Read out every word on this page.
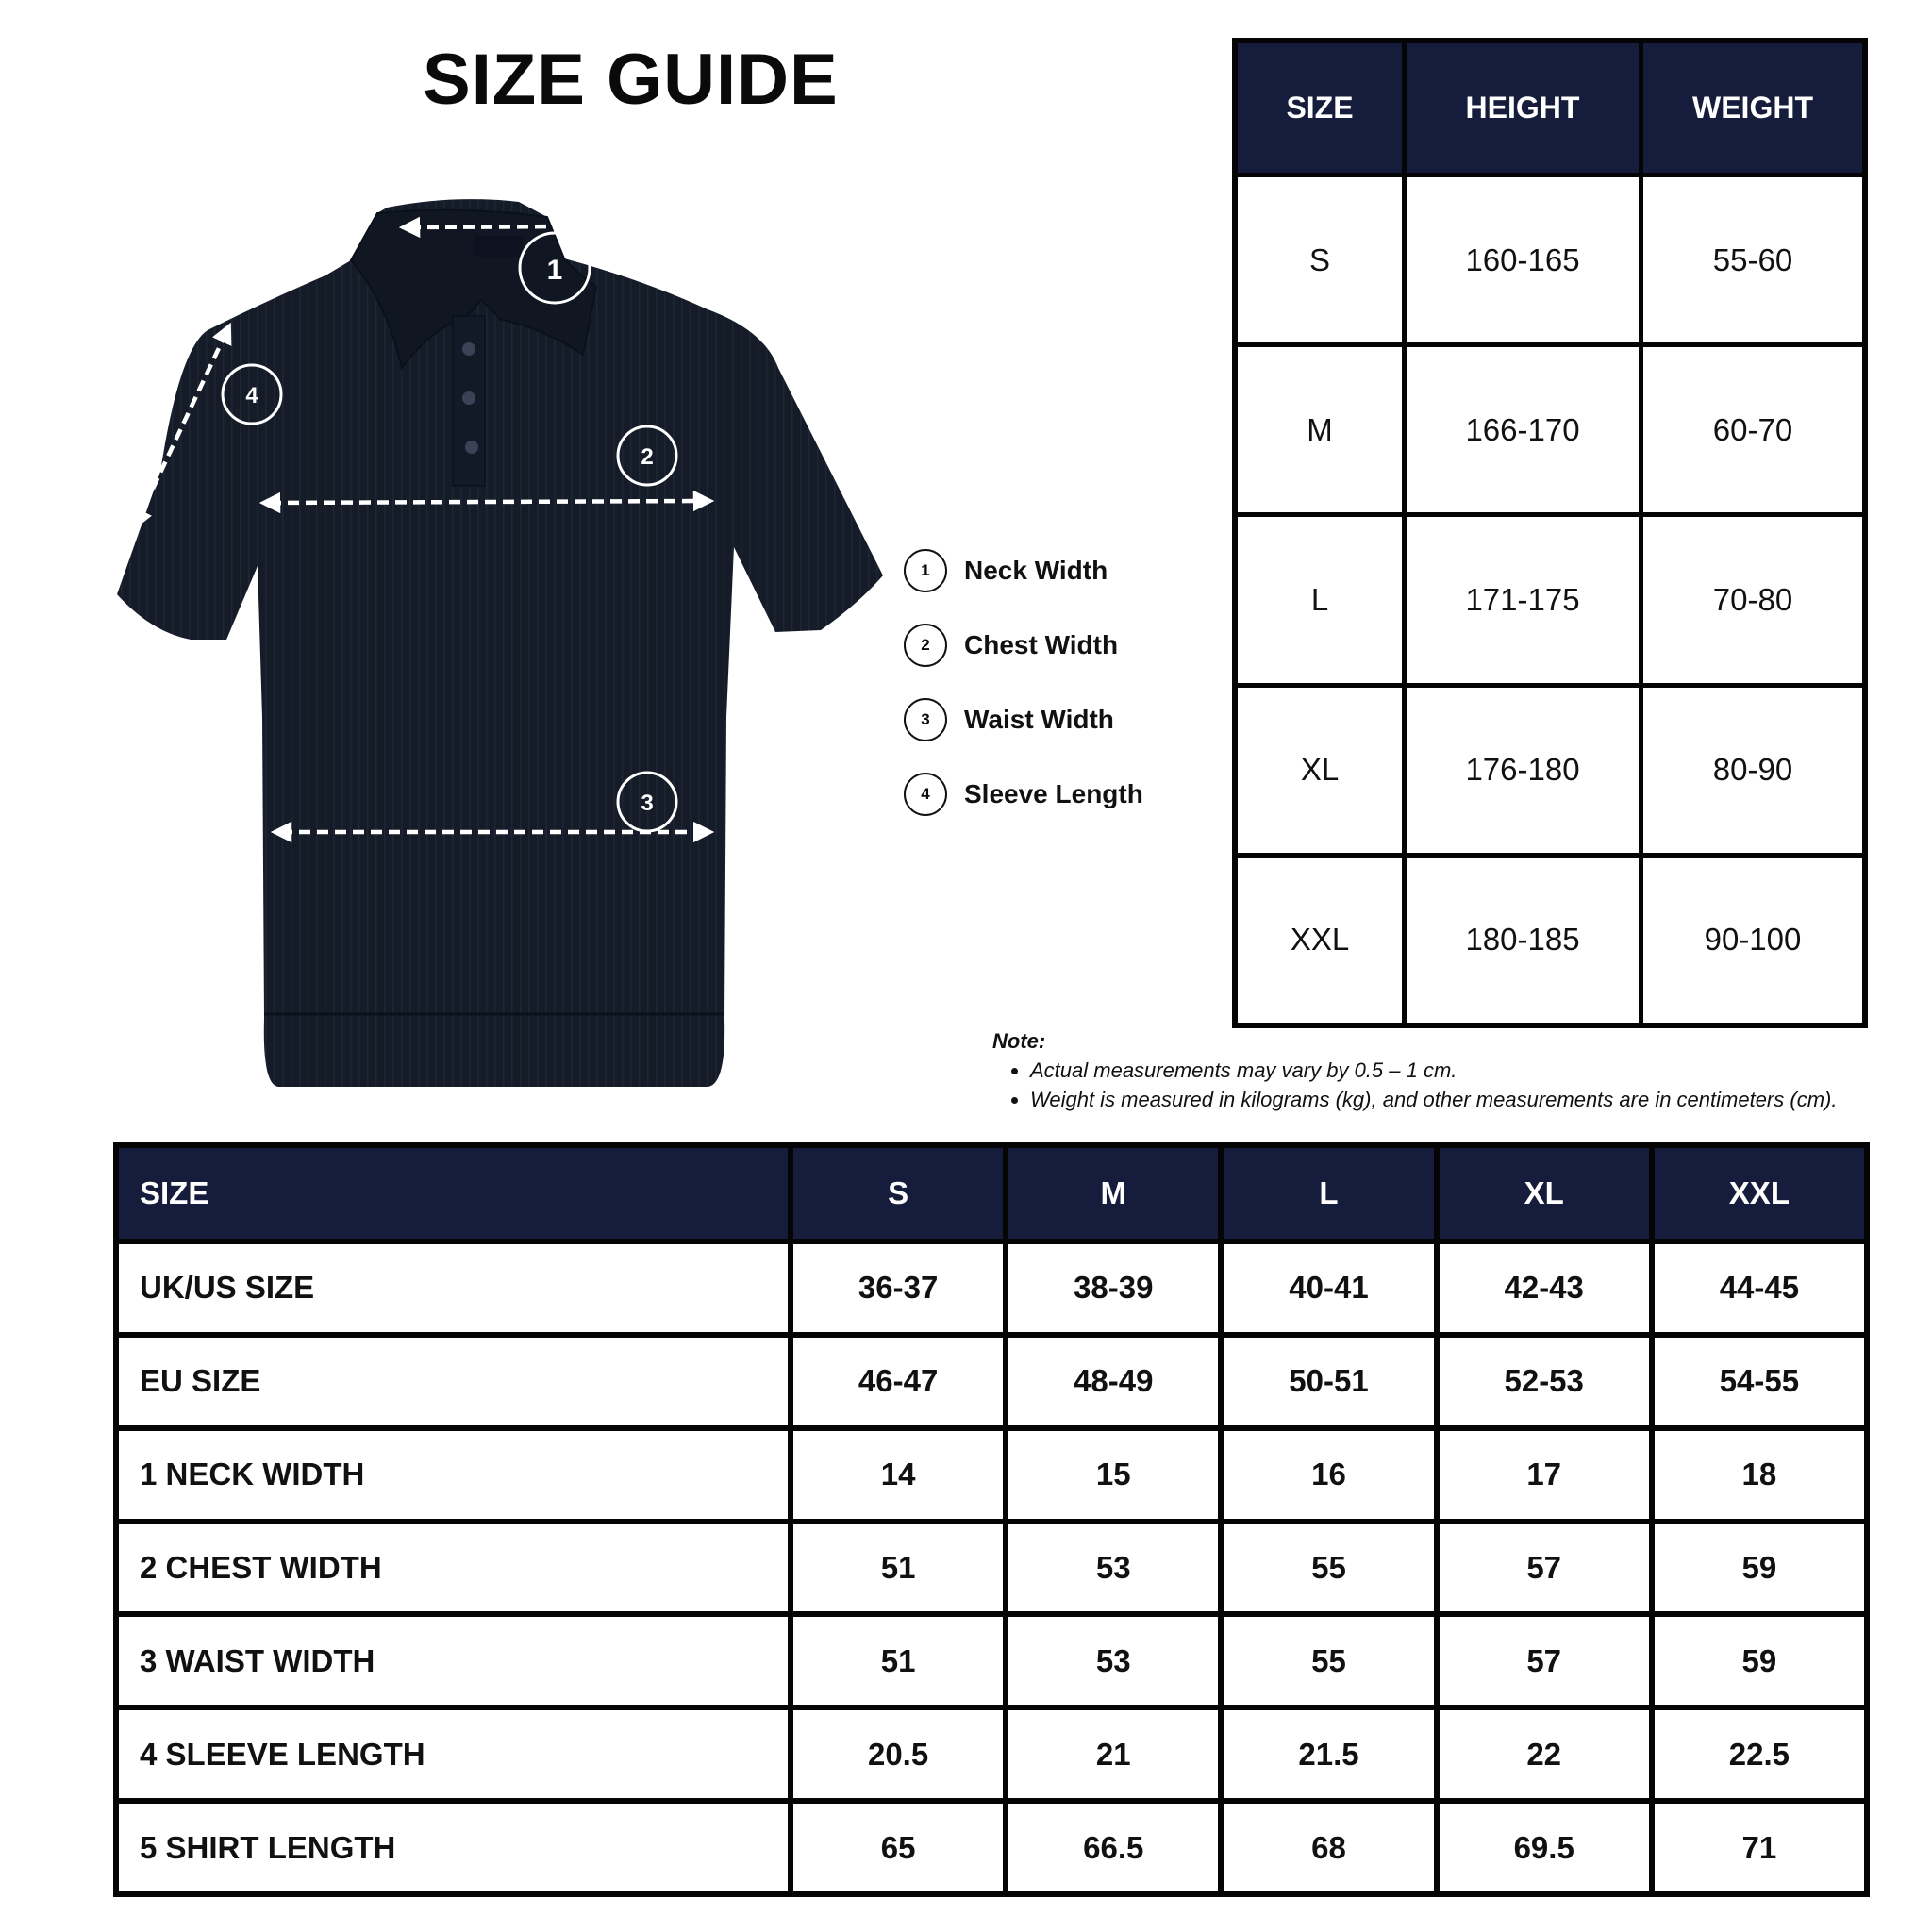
SIZE GUIDE
1
4
2
3
1	Neck Width
2	Chest Width
3	Waist Width
4	Sleeve Length
SIZE	HEIGHT	WEIGHT
S	160-165	55-60
M	166-170	60-70
L	171-175	70-80
XL	176-180	80-90
XXL	180-185	90-100
Note:
• Actual measurements may vary by 0.5 – 1 cm.
• Weight is measured in kilograms (kg), and other measurements are in centimeters (cm).
SIZE	S	M	L	XL	XXL
UK/US SIZE	36-37	38-39	40-41	42-43	44-45
EU SIZE	46-47	48-49	50-51	52-53	54-55
1 NECK WIDTH	14	15	16	17	18
2 CHEST WIDTH	51	53	55	57	59
3 WAIST WIDTH	51	53	55	57	59
4 SLEEVE LENGTH	20.5	21	21.5	22	22.5
5 SHIRT LENGTH	65	66.5	68	69.5	71
